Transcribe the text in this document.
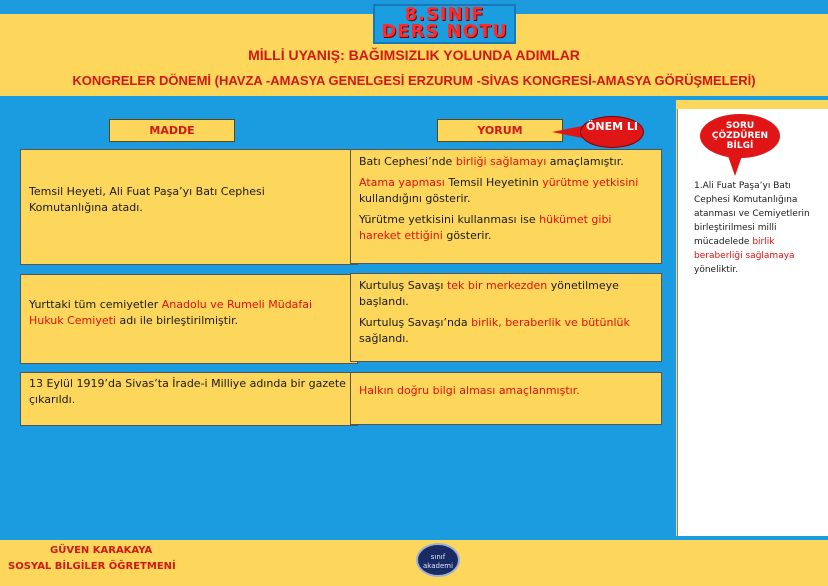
8.SINIF
DERS NOTU
MİLLİ UYANIŞ: BAĞIMSIZLIK YOLUNDA ADIMLAR
KONGRELER DÖNEMİ (HAVZA -AMASYA GENELGESİ ERZURUM -SİVAS KONGRESİ-AMASYA GÖRÜŞMELERİ)
MADDE	YORUM	ÖNEM LI

Temsil Heyeti, Ali Fuat Paşa’yı Batı Cephesi Komutanlığına atadı.

Yurttaki tüm cemiyetler Anadolu ve Rumeli Müdafai Hukuk Cemiyeti adı ile birleştirilmiştir.

13 Eylül 1919’da Sivas’ta İrade-i Milliye adında bir gazete çıkarıldı.

Batı Cephesi’nde birliği sağlamayı amaçlamıştır.

Atama yapması Temsil Heyetinin yürütme yetkisini kullandığını gösterir.

Yürütme yetkisini kullanması ise hükümet gibi hareket ettiğini gösterir.

Kurtuluş Savaşı tek bir merkezden yönetilmeye başlandı.

Kurtuluş Savaşı’nda birlik, beraberlik ve bütünlük sağlandı.

Halkın doğru bilgi alması amaçlanmıştır.

SORU ÇÖZDÜREN BİLGİ
1.Ali Fuat Paşa’yı Batı Cephesi Komutanlığına atanması ve Cemiyetlerin birleştirilmesi milli mücadelede birlik beraberliği sağlamaya yöneliktir.
GÜVEN KARAKAYA
SOSYAL BİLGİLER ÖĞRETMENİ
sınıf akademi
